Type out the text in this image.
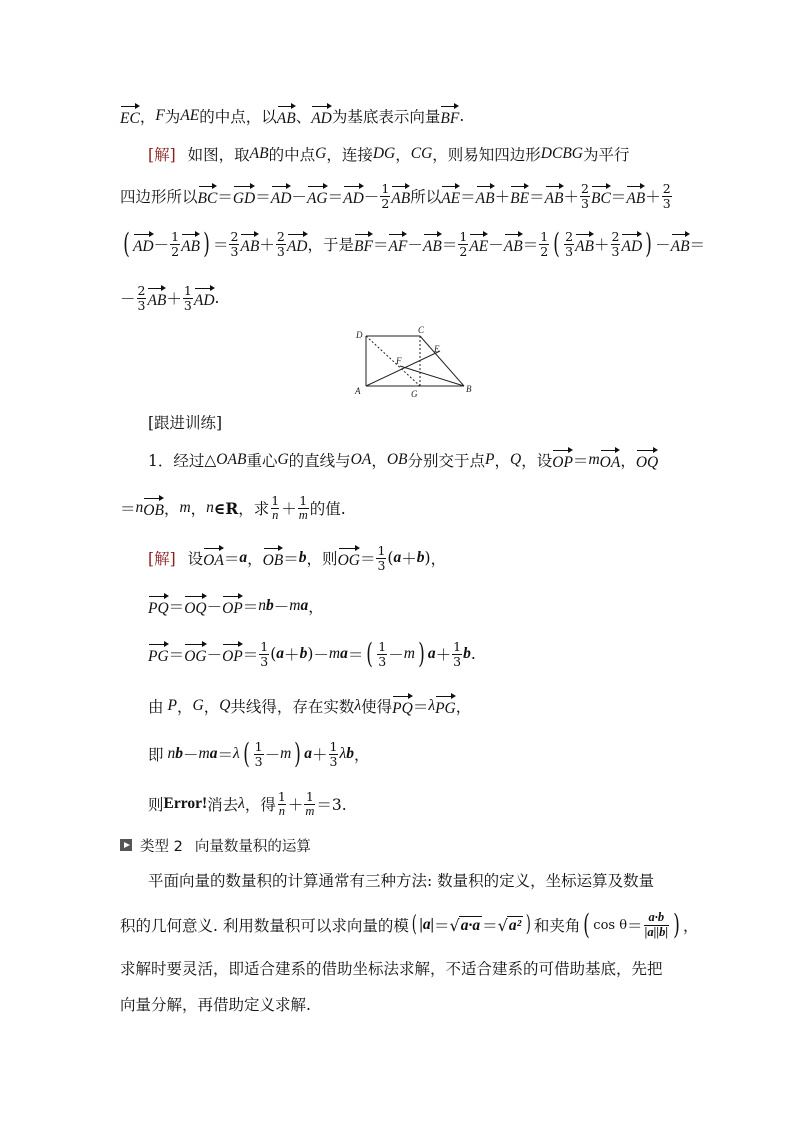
EC ， F 为 AE 的中点，以 AB 、 AD 为基底表示向量 BF .
[解] 如图，取 AB 的中点 G ，连接 DG ， CG ，则易知四边形 DCBG 为平行
四边形所以 BC ＝ GD ＝ AD － AG ＝ AD － $\frac{1}{2}$ AB 所以 AE ＝ AB ＋ BE ＝ AB ＋ $\frac{2}{3}$ BC ＝ AB ＋ $\frac{2}{3}$
( AD － $\frac{1}{2}$ AB ) ＝ $\frac{2}{3}$ AB ＋ $\frac{2}{3}$ AD ，于是 BF ＝ AF － AB ＝ $\frac{1}{2}$ AE － AB ＝ $\frac{1}{2}$ ( $\frac{2}{3}$ AB ＋ $\frac{2}{3}$ AD ) － AB ＝
－ $\frac{2}{3}$ AB ＋ $\frac{1}{3}$ AD .
D	C
E
F
A	G	B
[跟进训练]
1．经过 △ OAB 重心 G 的直线与 OA ， OB 分别交于点 P ， Q ，设 OP ＝ m OA ， OQ
＝ n OB ， m ， n ∈R ，求 $\frac{1}{n} + \frac{1}{m}$ 的值.
[解] 设 OA ＝ a ， OB ＝ b ，则 OG ＝ $\frac{1}{3}$ ( a ＋ b ) ，
PQ ＝ OQ － OP ＝ n b － m a ，
PG ＝ OG － OP ＝ $\frac{1}{3}$ ( a ＋ b ) － m a ＝ ( $\frac{1}{3} - m$ ) $a + \frac{1}{3}$ b .
由 P ， G ， Q 共线得，存在实数 λ 使得 PQ ＝ λ PG ，
即 n b － m a ＝ λ ( $\frac{1}{3} - m$ ) $a + \frac{1}{3}$ λ b ，
则 Error! 消去 λ ，得 $\frac{1}{n} + \frac{1}{m} =3$.
类型 2 向量数量积的运算
平面向量的数量积的计算通常有三种方法: 数量积的定义，坐标运算及数量
积的几何意义. 利用数量积可以求向量的模 ( |a| ＝ √ a·a ＝ √ a² ) 和夹角 ( $\cos \theta = \frac{a\cdot b}{|a||b|}$ ) ，
求解时要灵活，即适合建系的借助坐标法求解，不适合建系的可借助基底，先把
向量分解，再借助定义求解.
